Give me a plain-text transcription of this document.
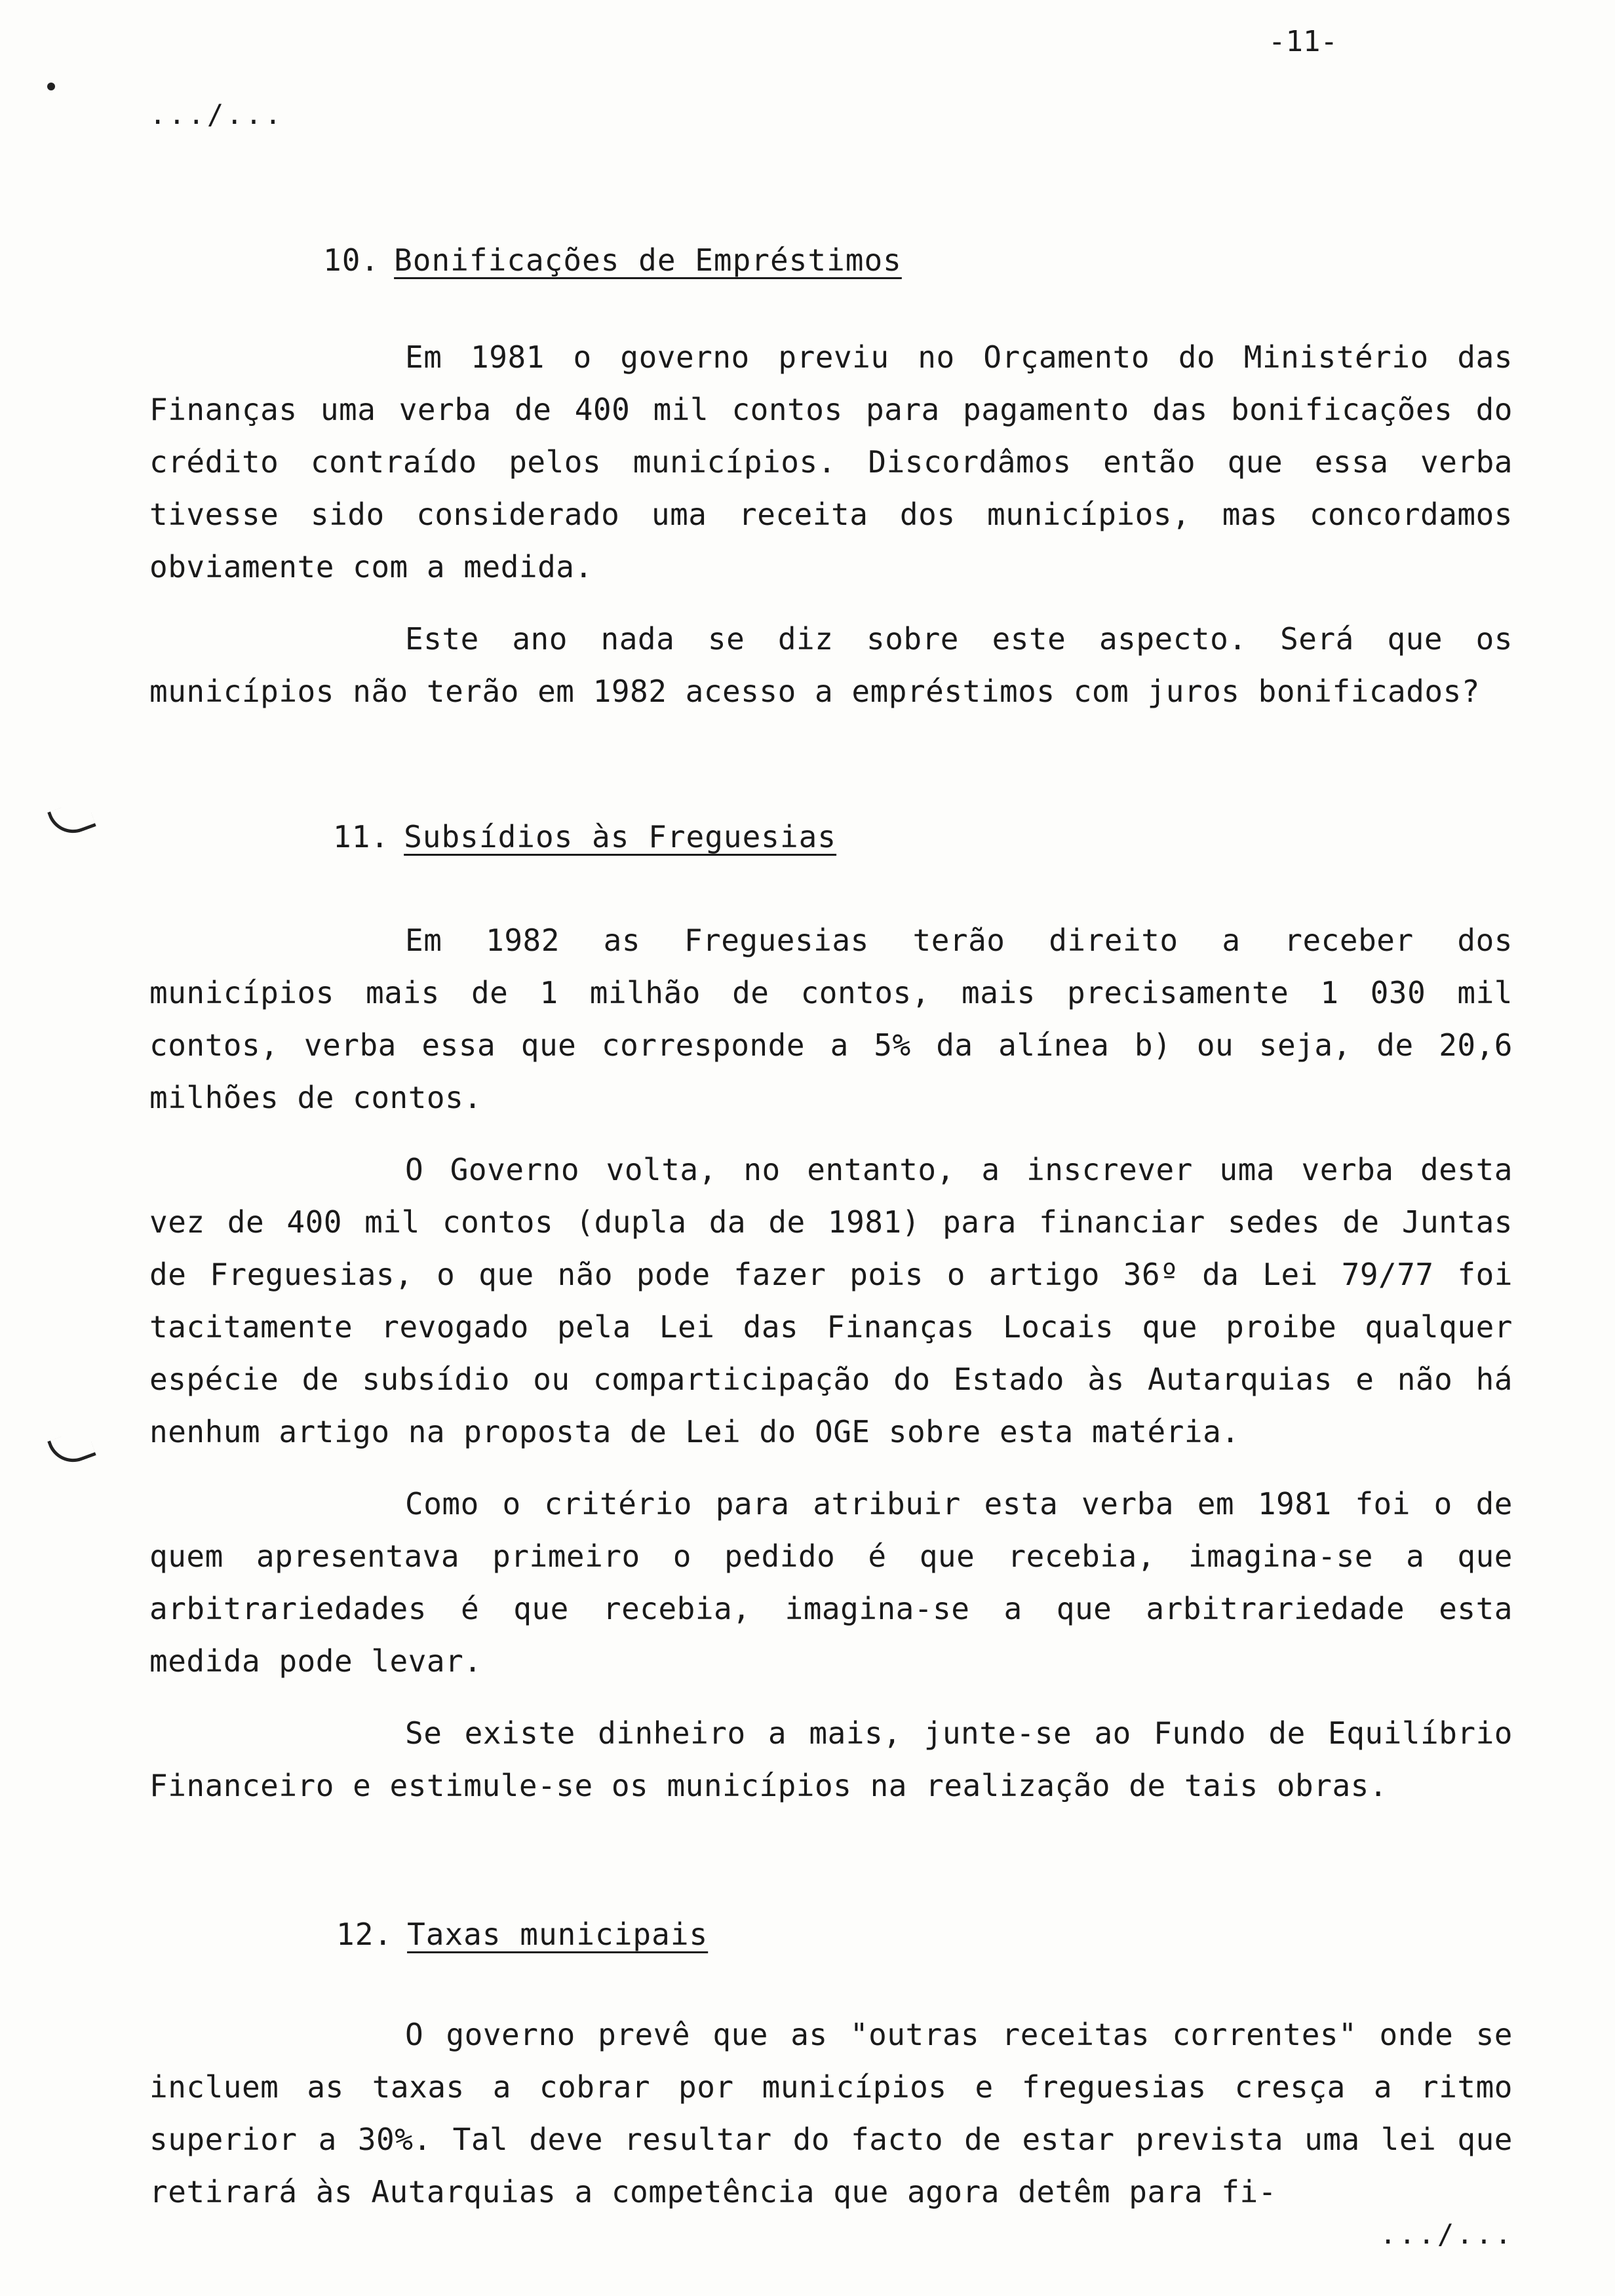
-11-
.../...
10. Bonificações de Empréstimos

Em 1981 o governo previu no Orçamento do Ministério das Finanças uma verba de 400 mil contos para pagamento das bonificações do crédito contraído pelos municípios. Discordâmos então que essa verba tivesse sido considerado uma receita dos municípios, mas concordamos obviamente com a medida.

Este ano nada se diz sobre este aspecto. Será que os municípios não terão em 1982 acesso a empréstimos com juros bonificados?

11. Subsídios às Freguesias

Em 1982 as Freguesias terão direito a receber dos municípios mais de 1 milhão de contos, mais precisamente 1 030 mil contos, verba essa que corresponde a 5% da alínea b) ou seja, de 20,6 milhões de contos.

O Governo volta, no entanto, a inscrever uma verba desta vez de 400 mil contos (dupla da de 1981) para financiar sedes de Juntas de Freguesias, o que não pode fazer pois o artigo 36º da Lei 79/77 foi tacitamente revogado pela Lei das Finanças Locais que proibe qualquer espécie de subsídio ou comparticipação do Estado às Autarquias e não há nenhum artigo na proposta de Lei do OGE sobre esta matéria.

Como o critério para atribuir esta verba em 1981 foi o de quem apresentava primeiro o pedido é que recebia, imagina-se a que arbitrariedades é que recebia, imagina-se a que arbitrariedade esta medida pode levar.

Se existe dinheiro a mais, junte-se ao Fundo de Equilíbrio Financeiro e estimule-se os municípios na realização de tais obras.

12. Taxas municipais

O governo prevê que as "outras receitas correntes" onde se incluem as taxas a cobrar por municípios e freguesias cresça a ritmo superior a 30%. Tal deve resultar do facto de estar prevista uma lei que retirará às Autarquias a competência que agora detêm para fi-

.../...
